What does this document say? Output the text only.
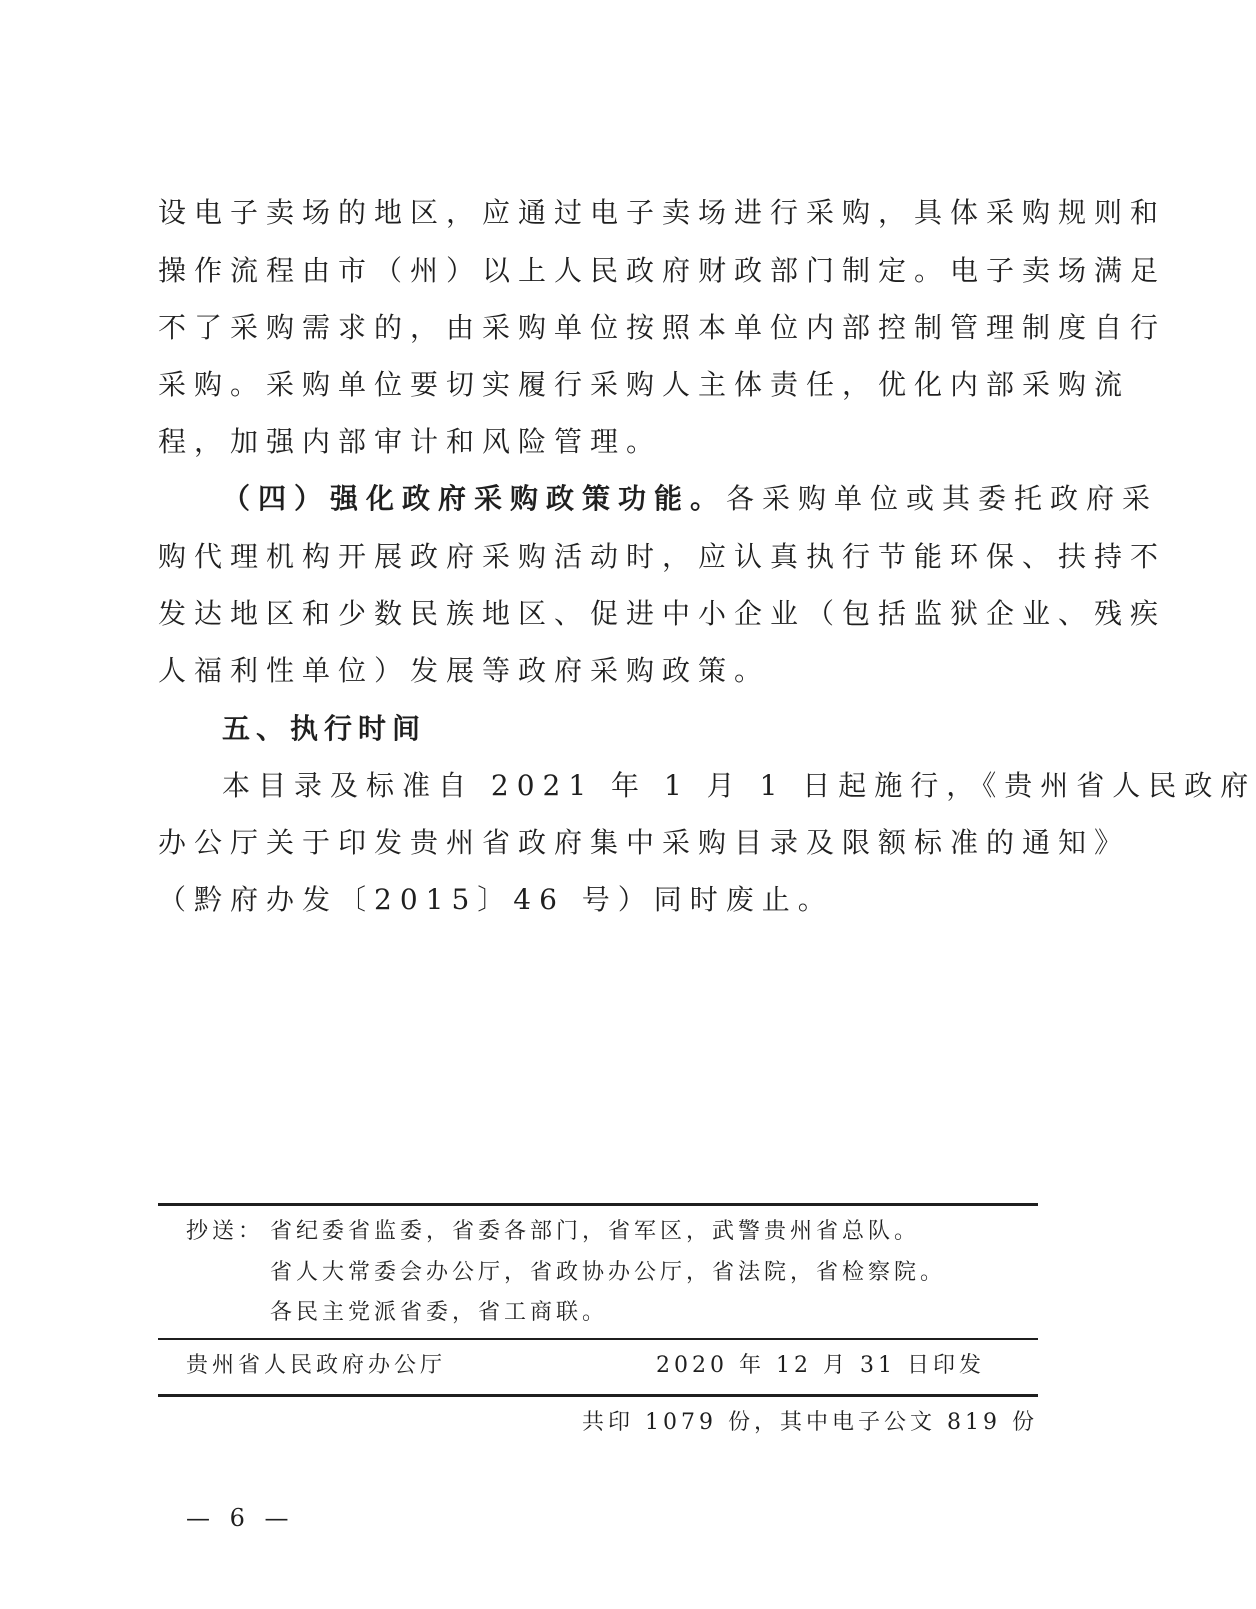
设电子卖场的地区，应通过电子卖场进行采购，具体采购规则和
操作流程由市（州）以上人民政府财政部门制定。电子卖场满足
不了采购需求的，由采购单位按照本单位内部控制管理制度自行
采购。采购单位要切实履行采购人主体责任，优化内部采购流
程，加强内部审计和风险管理。
（四）强化政府采购政策功能。各采购单位或其委托政府采
购代理机构开展政府采购活动时，应认真执行节能环保、扶持不
发达地区和少数民族地区、促进中小企业（包括监狱企业、残疾
人福利性单位）发展等政府采购政策。
五、执行时间
本目录及标准自 2021 年 1 月 1 日起施行，《贵州省人民政府
办公厅关于印发贵州省政府集中采购目录及限额标准的通知》
（黔府办发〔2015〕46 号）同时废止。
抄送： 省纪委省监委，省委各部门，省军区，武警贵州省总队。
省人大常委会办公厅，省政协办公厅，省法院，省检察院。
各民主党派省委，省工商联。
贵州省人民政府办公厅	2020 年 12 月 31 日印发
共印 1079 份，其中电子公文 819 份
— 6 —
